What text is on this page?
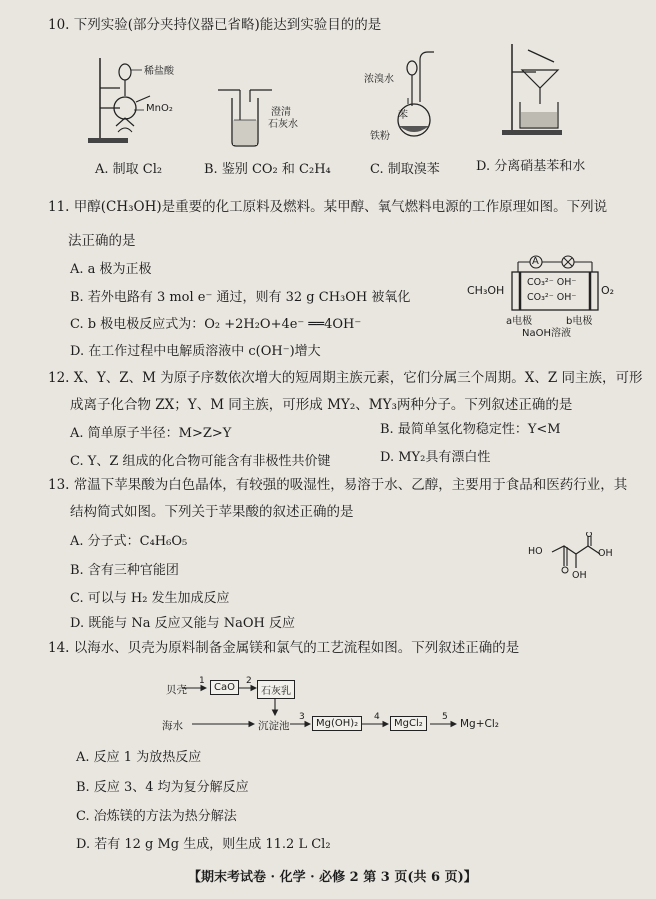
10. 下列实验(部分夹持仪器已省略)能达到实验目的的是
稀盐酸
MnO₂	澄清
石灰水
浓溴水
苯
铁粉
A. 制取 Cl₂	B. 鉴别 CO₂ 和 C₂H₄	C. 制取溴苯	D. 分离硝基苯和水
11. 甲醇(CH₃OH)是重要的化工原料及燃料。某甲醇、氧气燃料电源的工作原理如图。下列说
法正确的是
A. a 极为正极
B. 若外电路有 3 mol e⁻ 通过，则有 32 g CH₃OH 被氧化
C. b 极电极反应式为：O₂ +2H₂O+4e⁻ ══4OH⁻
D. 在工作过程中电解质溶液中 c(OH⁻)增大
A
CH₃OH	O₂
CO₃²⁻ OH⁻
CO₃²⁻ OH⁻
a电极	b电极
NaOH溶液
12. X、Y、Z、M 为原子序数依次增大的短周期主族元素，它们分属三个周期。X、Z 同主族，可形
成离子化合物 ZX；Y、M 同主族，可形成 MY₂、MY₃两种分子。下列叙述正确的是
A. 简单原子半径：M>Z>Y	B. 最简单氢化物稳定性：Y<M
C. Y、Z 组成的化合物可能含有非极性共价键	D. MY₂具有漂白性
13. 常温下苹果酸为白色晶体，有较强的吸湿性，易溶于水、乙醇，主要用于食品和医药行业，其
结构简式如图。下列关于苹果酸的叙述正确的是
A. 分子式：C₄H₆O₅
B. 含有三种官能团
C. 可以与 H₂ 发生加成反应
D. 既能与 Na 反应又能与 NaOH 反应
HO	OH
OH
14. 以海水、贝壳为原料制备金属镁和氯气的工艺流程如图。下列叙述正确的是
贝壳
1
CaO
2
石灰乳
海水	沉淀池
3
Mg(OH)₂
4
MgCl₂
5
Mg+Cl₂
A. 反应 1 为放热反应
B. 反应 3、4 均为复分解反应
C. 冶炼镁的方法为热分解法
D. 若有 12 g Mg 生成，则生成 11.2 L Cl₂
【期末考试卷 · 化学 · 必修 2 第 3 页(共 6 页)】
